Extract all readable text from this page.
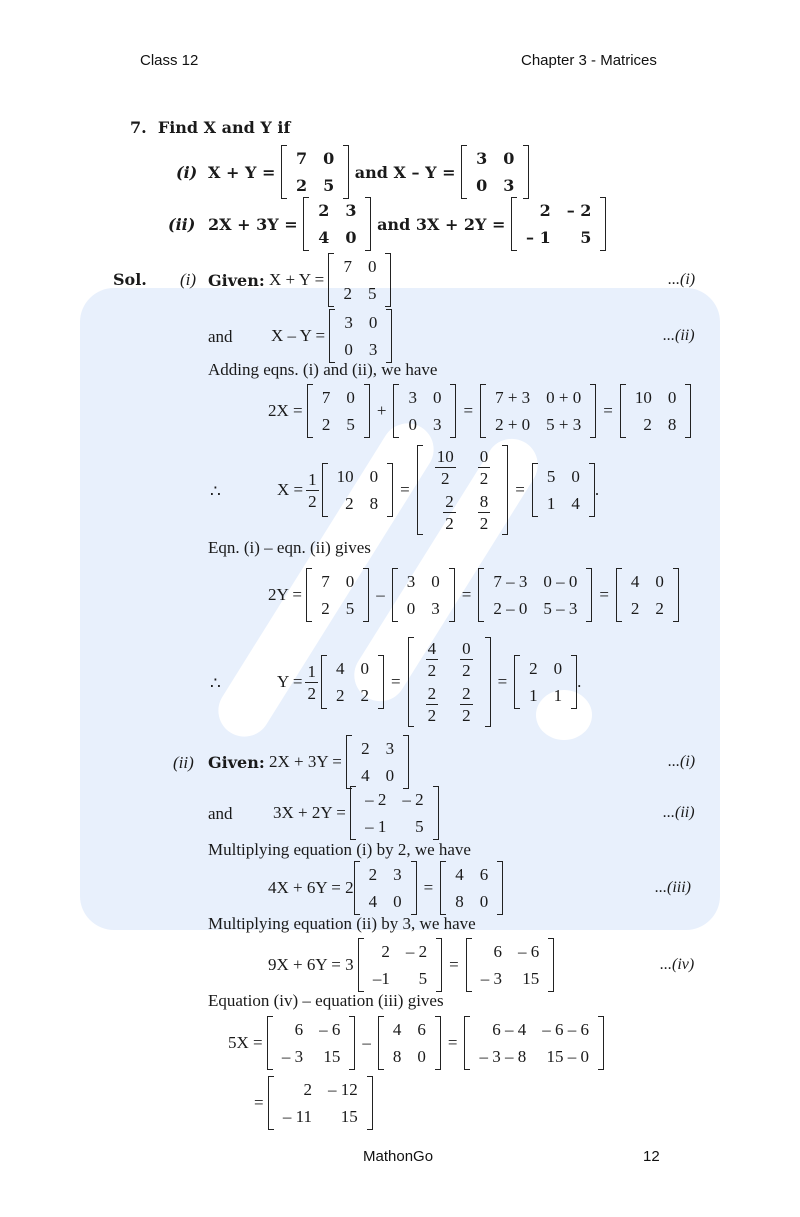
Class 12	Chapter 3 - Matrices
7.
Find X and Y if
(i) X + Y =

7	0
2	5

and X – Y =

3	0
0	3
(ii) 2X + 3Y =

2	3
4	0

and 3X + 2Y =

2	– 2
– 1	5
Sol. (i) Given:
X + Y =

7	0
2	5
...(i)
and X – Y =

3	0
0	3
...(ii)
Adding eqns. (i) and (ii), we have
2X =

7	0
2	5
+
3	0
0	3
=
7 + 3	0 + 0
2 + 0	5 + 3
=
10	0
2	8
∴	$X = \frac{1}{2} 10$	0
2	8
=
$\frac{10}{2}$	$\frac{0}{2}$

$\frac{2}{2}$	$\frac{8}{2}$
=
5	0
1	4
.
Eqn. (i) – eqn. (ii) gives
2Y =

7	0
2	5
–
3	0
0	3
=
7 – 3	0 – 0
2 – 0	5 – 3
=
4	0
2	2
∴	$Y = \frac{1}{2} 4$	0
2	2
=
$\frac{4}{2}$	$\frac{0}{2}$

$\frac{2}{2}$	$\frac{2}{2}$
=
2	0
1	1
.
(ii) Given:
2X + 3Y =

2	3
4	0
...(i)
and 3X + 2Y =

– 2	– 2
– 1	5
...(ii)
Multiplying equation (i) by 2, we have
4X + 6Y = 2
2	3
4	0
=
4	6
8	0
...(iii)
Multiplying equation (ii) by 3, we have
9X + 6Y = 3

2	– 2
–1	5
=
6	– 6
– 3	15
...(iv)
Equation (iv) – equation (iii) gives
5X =

6	– 6
– 3	15
–
4	6
8	0
=
6 – 4	– 6 – 6
– 3 – 8	15 – 0
=

2	– 12
– 11	15
MathonGo	12
